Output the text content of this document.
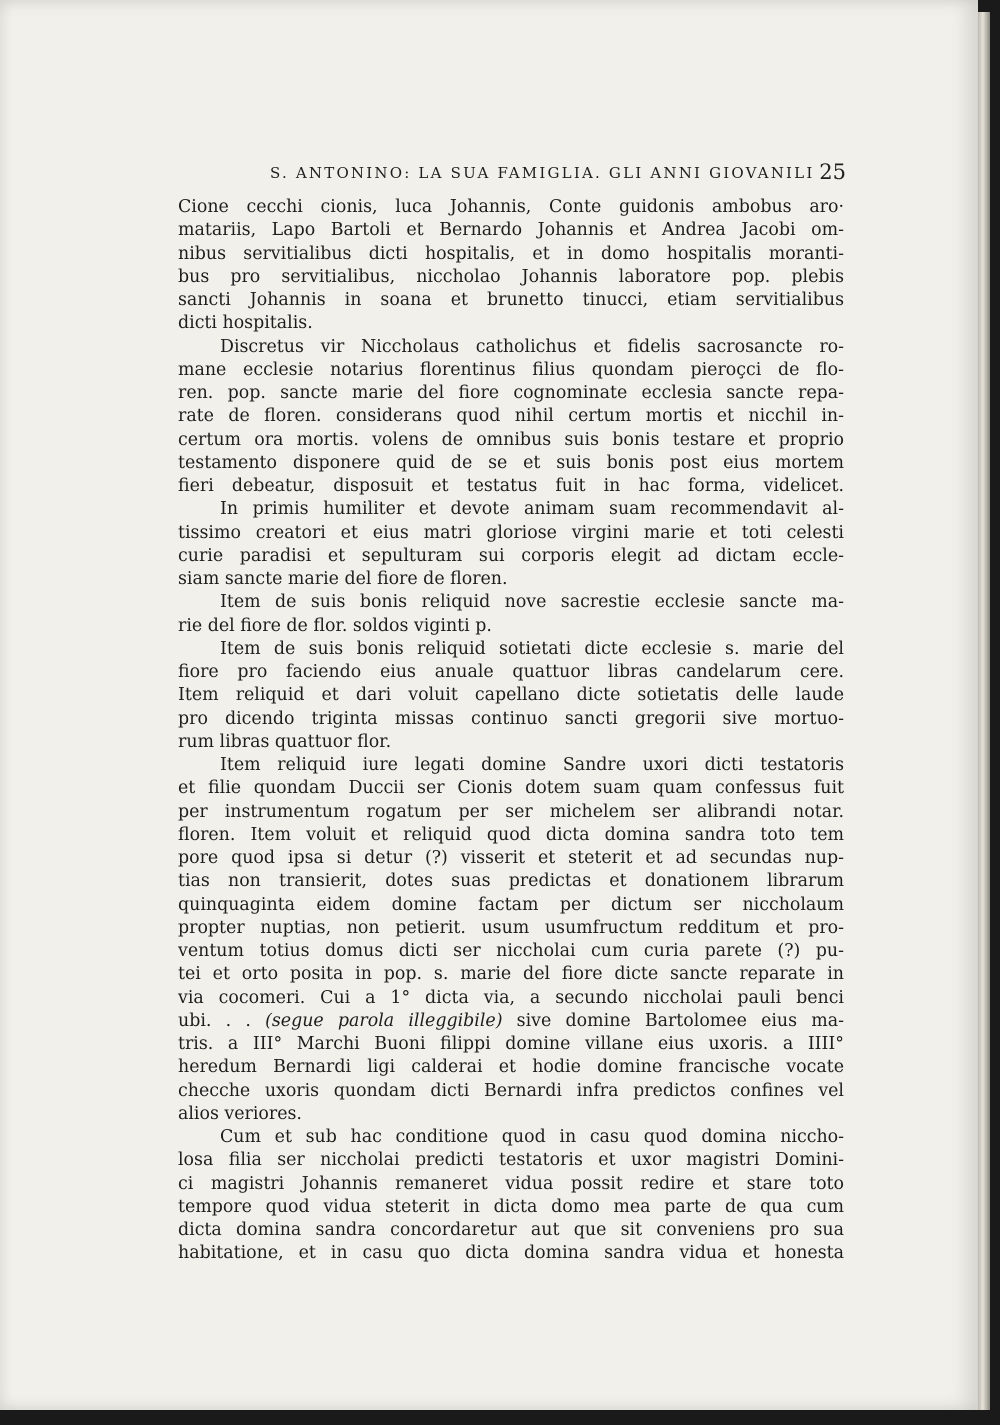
S. ANTONINO: LA SUA FAMIGLIA. GLI ANNI GIOVANILI 25
Cione cecchi cionis, luca Johannis, Conte guidonis ambobus aro·
matariis, Lapo Bartoli et Bernardo Johannis et Andrea Jacobi om-
nibus servitialibus dicti hospitalis, et in domo hospitalis moranti-
bus pro servitialibus, niccholao Johannis laboratore pop. plebis
sancti Johannis in soana et brunetto tinucci, etiam servitialibus
dicti hospitalis.
Discretus vir Niccholaus catholichus et fidelis sacrosancte ro-
mane ecclesie notarius florentinus filius quondam pieroçci de flo-
ren. pop. sancte marie del fiore cognominate ecclesia sancte repa-
rate de floren. considerans quod nihil certum mortis et nicchil in-
certum ora mortis. volens de omnibus suis bonis testare et proprio
testamento disponere quid de se et suis bonis post eius mortem
fieri debeatur, disposuit et testatus fuit in hac forma, videlicet.
In primis humiliter et devote animam suam recommendavit al-
tissimo creatori et eius matri gloriose virgini marie et toti celesti
curie paradisi et sepulturam sui corporis elegit ad dictam eccle-
siam sancte marie del fiore de floren.
Item de suis bonis reliquid nove sacrestie ecclesie sancte ma-
rie del fiore de flor. soldos viginti p.
Item de suis bonis reliquid sotietati dicte ecclesie s. marie del
fiore pro faciendo eius anuale quattuor libras candelarum cere.
Item reliquid et dari voluit capellano dicte sotietatis delle laude
pro dicendo triginta missas continuo sancti gregorii sive mortuo-
rum libras quattuor flor.
Item reliquid iure legati domine Sandre uxori dicti testatoris
et filie quondam Duccii ser Cionis dotem suam quam confessus fuit
per instrumentum rogatum per ser michelem ser alibrandi notar.
floren. Item voluit et reliquid quod dicta domina sandra toto tem
pore quod ipsa si detur (?) visserit et steterit et ad secundas nup-
tias non transierit, dotes suas predictas et donationem librarum
quinquaginta eidem domine factam per dictum ser niccholaum
propter nuptias, non petierit. usum usumfructum redditum et pro-
ventum totius domus dicti ser niccholai cum curia parete (?) pu-
tei et orto posita in pop. s. marie del fiore dicte sancte reparate in
via cocomeri. Cui a 1° dicta via, a secundo niccholai pauli benci
ubi. . . (segue parola illeggibile) sive domine Bartolomee eius ma-
tris. a III° Marchi Buoni filippi domine villane eius uxoris. a IIII°
heredum Bernardi ligi calderai et hodie domine francische vocate
checche uxoris quondam dicti Bernardi infra predictos confines vel
alios veriores.
Cum et sub hac conditione quod in casu quod domina niccho-
losa filia ser niccholai predicti testatoris et uxor magistri Domini-
ci magistri Johannis remaneret vidua possit redire et stare toto
tempore quod vidua steterit in dicta domo mea parte de qua cum
dicta domina sandra concordaretur aut que sit conveniens pro sua
habitatione, et in casu quo dicta domina sandra vidua et honesta
